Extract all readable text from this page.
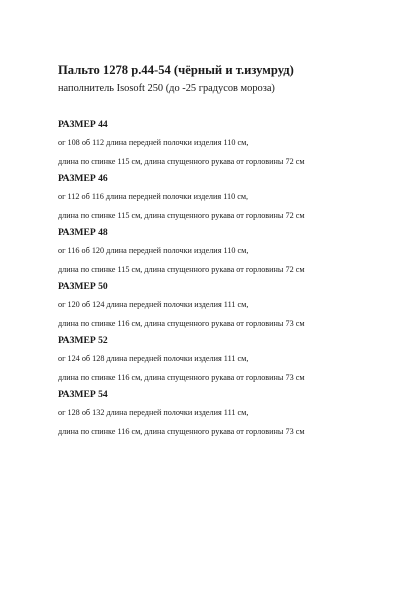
Пальто 1278 р.44-54 (чёрный и т.изумруд)

наполнитель Isosoft 250 (до -25 градусов мороза)

РАЗМЕР 44

ог 108 об 112 длина передней полочки изделия 110 см,

длина по спинке 115 см, длина спущенного рукава от горловины 72 см

РАЗМЕР 46

ог 112 об 116 длина передней полочки изделия 110 см,

длина по спинке 115 см, длина спущенного рукава от горловины 72 см

РАЗМЕР 48

ог 116 об 120 длина передней полочки изделия 110 см,

длина по спинке 115 см, длина спущенного рукава от горловины 72 см

РАЗМЕР 50

ог 120 об 124 длина передней полочки изделия 111 см,

длина по спинке 116 см, длина спущенного рукава от горловины 73 см

РАЗМЕР 52

ог 124 об 128 длина передней полочки изделия 111 см,

длина по спинке 116 см, длина спущенного рукава от горловины 73 см

РАЗМЕР 54

ог 128 об 132 длина передней полочки изделия 111 см,

длина по спинке 116 см, длина спущенного рукава от горловины 73 см
